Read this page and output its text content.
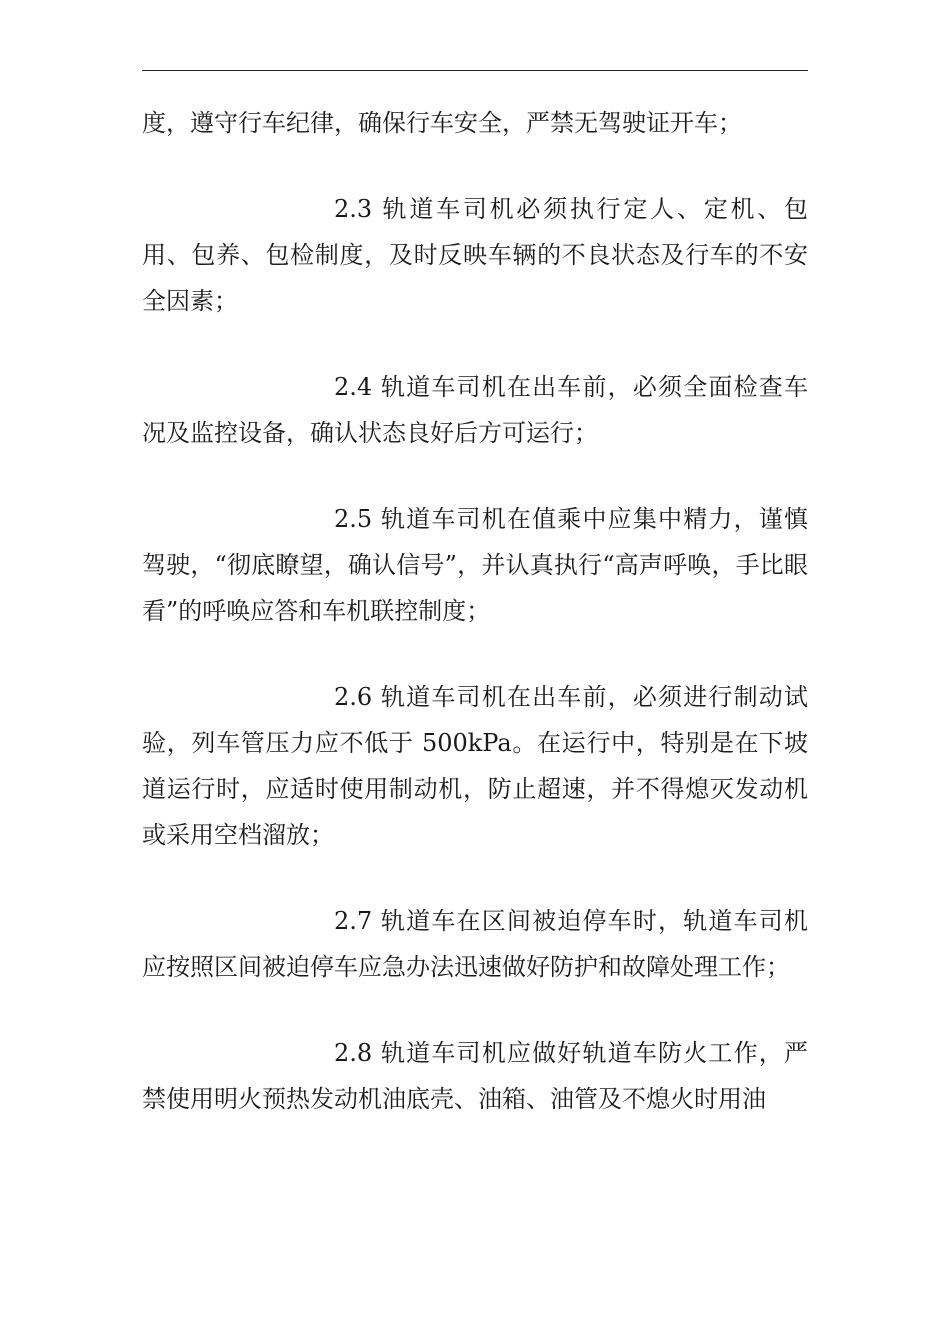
度，遵守行车纪律，确保行车安全，严禁无驾驶证开车；

2.3 轨道车司机必须执行定人、定机、包用、包养、包检制度，及时反映车辆的不良状态及行车的不安全因素；

2.4 轨道车司机在出车前，必须全面检查车况及监控设备，确认状态良好后方可运行；

2.5 轨道车司机在值乘中应集中精力，谨慎驾驶，“彻底瞭望，确认信号”，并认真执行“高声呼唤，手比眼看”的呼唤应答和车机联控制度；

2.6 轨道车司机在出车前，必须进行制动试验，列车管压力应不低于 500kPa。在运行中，特别是在下坡道运行时，应适时使用制动机，防止超速，并不得熄灭发动机或采用空档溜放；

2.7 轨道车在区间被迫停车时，轨道车司机应按照区间被迫停车应急办法迅速做好防护和故障处理工作；

2.8 轨道车司机应做好轨道车防火工作，严禁使用明火预热发动机油底壳、油箱、油管及不熄火时用油
